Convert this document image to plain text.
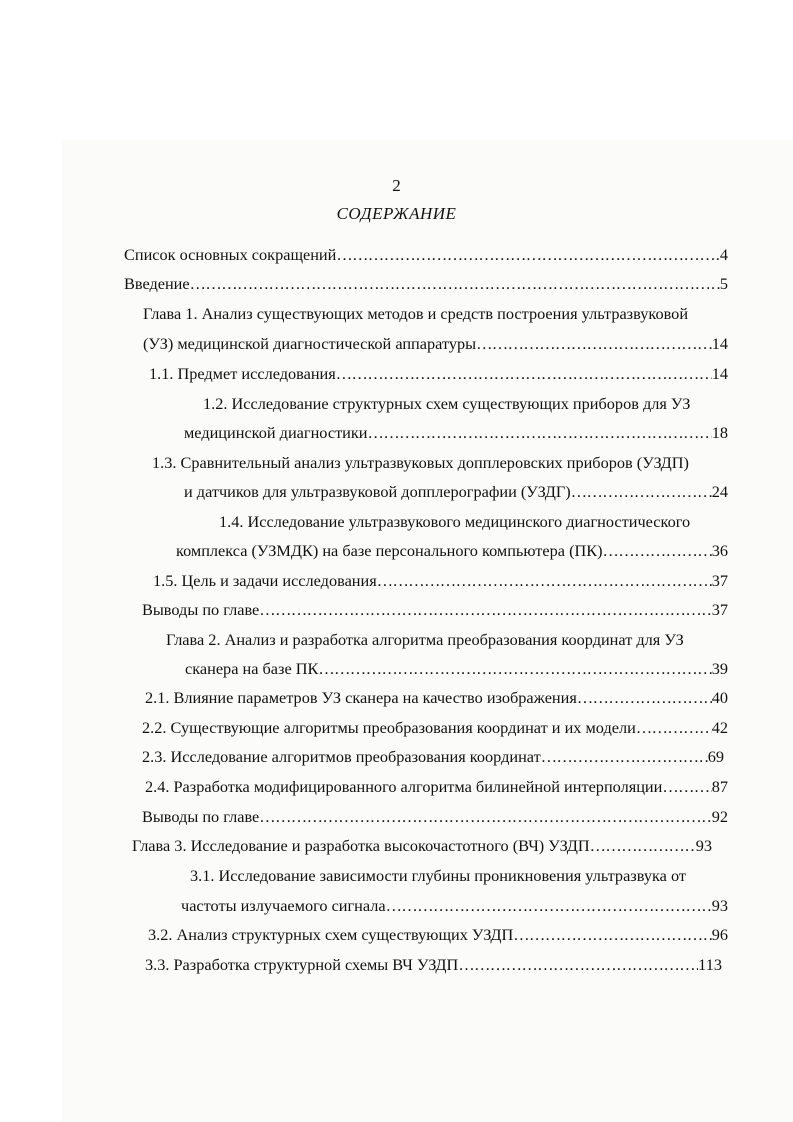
2
СОДЕРЖАНИЕ
Список основных сокращений ……………………………………………………………………………………………………………………………………………………	4
Введение ……………………………………………………………………………………………………………………………………………………	5
Глава 1. Анализ существующих методов и средств построения ультразвуковой
(УЗ) медицинской диагностической аппаратуры ……………………………………………………………………………………………………………………………………………………	14
1.1. Предмет исследования ……………………………………………………………………………………………………………………………………………………	14
1.2. Исследование структурных схем существующих приборов для УЗ
медицинской диагностики ……………………………………………………………………………………………………………………………………………………	18
1.3. Сравнительный анализ ультразвуковых допплеровских приборов (УЗДП)
и датчиков для ультразвуковой допплерографии (УЗДГ) ……………………………………………………………………………………………………………………………………………………	24
1.4. Исследование ультразвукового медицинского диагностического
комплекса (УЗМДК) на базе персонального компьютера (ПК) ……………………………………………………………………………………………………………………………………………………	36
1.5. Цель и задачи исследования ……………………………………………………………………………………………………………………………………………………	37
Выводы по главе ……………………………………………………………………………………………………………………………………………………	37
Глава 2. Анализ и разработка алгоритма преобразования координат для УЗ
сканера на базе ПК ……………………………………………………………………………………………………………………………………………………	39
2.1. Влияние параметров УЗ сканера на качество изображения ……………………………………………………………………………………………………………………………………………………	40
2.2. Существующие алгоритмы преобразования координат и их модели ……………………………………………………………………………………………………………………………………………………	42
2.3. Исследование алгоритмов преобразования координат ……………………………………………………………………………………………………………………………………………………	69
2.4. Разработка модифицированного алгоритма билинейной интерполяции ……………………………………………………………………………………………………………………………………………………	87
Выводы по главе ……………………………………………………………………………………………………………………………………………………	92
Глава 3. Исследование и разработка высокочастотного (ВЧ) УЗДП ……………………………………………………………………………………………………………………………………………………	93
3.1. Исследование зависимости глубины проникновения ультразвука от
частоты излучаемого сигнала ……………………………………………………………………………………………………………………………………………………	93
3.2. Анализ структурных схем существующих УЗДП ……………………………………………………………………………………………………………………………………………………	96
3.3. Разработка структурной схемы ВЧ УЗДП ……………………………………………………………………………………………………………………………………………………	113
